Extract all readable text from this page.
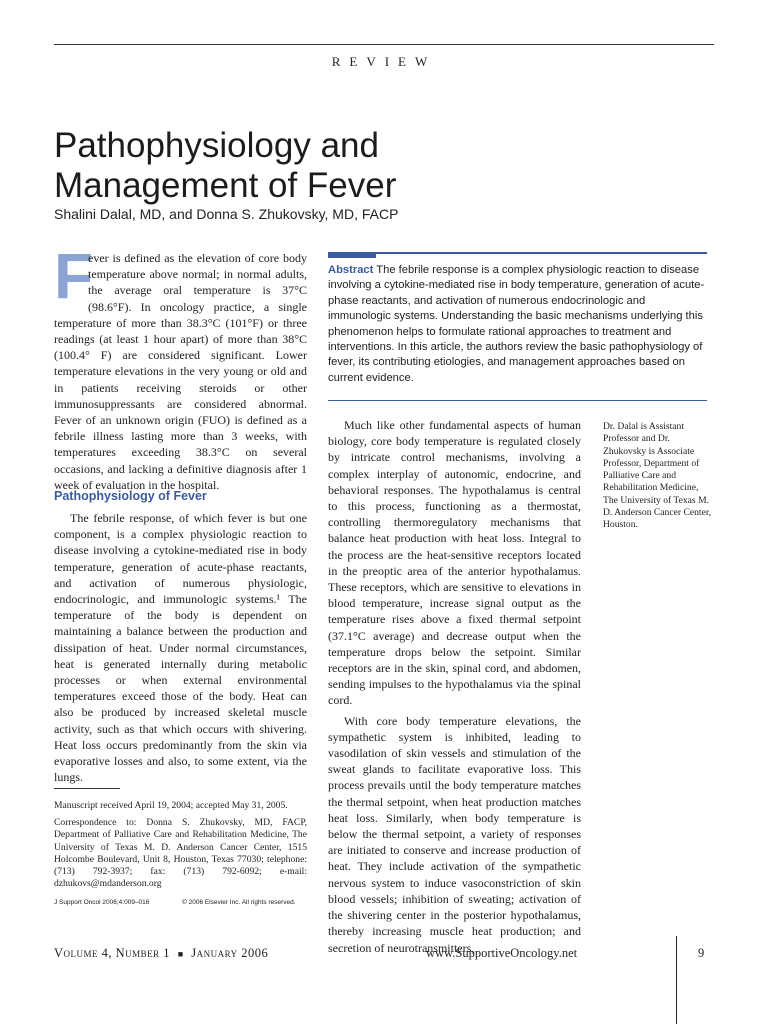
REVIEW
Pathophysiology and
Management of Fever
Shalini Dalal, MD, and Donna S. Zhukovsky, MD, FACP
F
ever is defined as the elevation of core body temperature above normal; in normal adults, the average oral temperature is 37°C (98.6°F). In oncology practice, a single temperature of more than 38.3°C (101°F) or three readings (at least 1 hour apart) of more than 38°C (100.4° F) are considered significant. Lower temperature elevations in the very young or old and in patients receiving steroids or other immunosuppressants are considered abnormal. Fever of an unknown origin (FUO) is defined as a febrile illness lasting more than 3 weeks, with temperatures exceeding 38.3°C on several occasions, and lacking a definitive diagnosis after 1 week of evaluation in the hospital.
Pathophysiology of Fever

The febrile response, of which fever is but one component, is a complex physiologic reaction to disease involving a cytokine-mediated rise in body temperature, generation of acute-phase reactants, and activation of numerous physiologic, endocrinologic, and immunologic systems.¹ The temperature of the body is dependent on maintaining a balance between the production and dissipation of heat. Under normal circumstances, heat is generated internally during metabolic processes or when external environmental temperatures exceed those of the body. Heat can also be produced by increased skeletal muscle activity, such as that which occurs with shivering. Heat loss occurs predominantly from the skin via evaporative losses and also, to some extent, via the lungs.

Manuscript received April 19, 2004; accepted May 31, 2005.

Correspondence to: Donna S. Zhukovsky, MD, FACP, Department of Palliative Care and Rehabilitation Medicine, The University of Texas M. D. Anderson Cancer Center, 1515 Holcombe Boulevard, Unit 8, Houston, Texas 77030; telephone: (713) 792-3937; fax: (713) 792-6092; e-mail: dzhukovs@mdanderson.org

J Support Oncol 2006;4:009–016	© 2006 Elsevier Inc. All rights reserved.
Abstract The febrile response is a complex physiologic reaction to disease involving a cytokine-mediated rise in body temperature, generation of acute-phase reactants, and activation of numerous endocrinologic and immunologic systems. Understanding the basic mechanisms underlying this phenomenon helps to formulate rational approaches to treatment and interventions. In this article, the authors review the basic pathophysiology of fever, its contributing etiologies, and management approaches based on current evidence.

Much like other fundamental aspects of human biology, core body temperature is regulated closely by intricate control mechanisms, involving a complex interplay of autonomic, endocrine, and behavioral responses. The hypothalamus is central to this process, functioning as a thermostat, controlling thermoregulatory mechanisms that balance heat production with heat loss. Integral to the process are the heat-sensitive receptors located in the preoptic area of the anterior hypothalamus. These receptors, which are sensitive to elevations in blood temperature, increase signal output as the temperature rises above a fixed thermal setpoint (37.1°C average) and decrease output when the temperature drops below the setpoint. Similar receptors are in the skin, spinal cord, and abdomen, sending impulses to the hypothalamus via the spinal cord.

With core body temperature elevations, the sympathetic system is inhibited, leading to vasodilation of skin vessels and stimulation of the sweat glands to facilitate evaporative loss. This process prevails until the body temperature matches the thermal setpoint, when heat production matches heat loss. Similarly, when body temperature is below the thermal setpoint, a variety of responses are initiated to conserve and increase production of heat. They include activation of the sympathetic nervous system to induce vasoconstriction of skin blood vessels; inhibition of sweating; activation of the shivering center in the posterior hypothalamus, thereby increasing muscle heat production; and secretion of neurotransmitters,

Dr. Dalal is Assistant Professor and Dr. Zhukovsky is Associate Professor, Department of Palliative Care and Rehabilitation Medicine, The University of Texas M. D. Anderson Cancer Center, Houston.
Volume 4, Number 1 ■ January 2006	www.SupportiveOncology.net	9
